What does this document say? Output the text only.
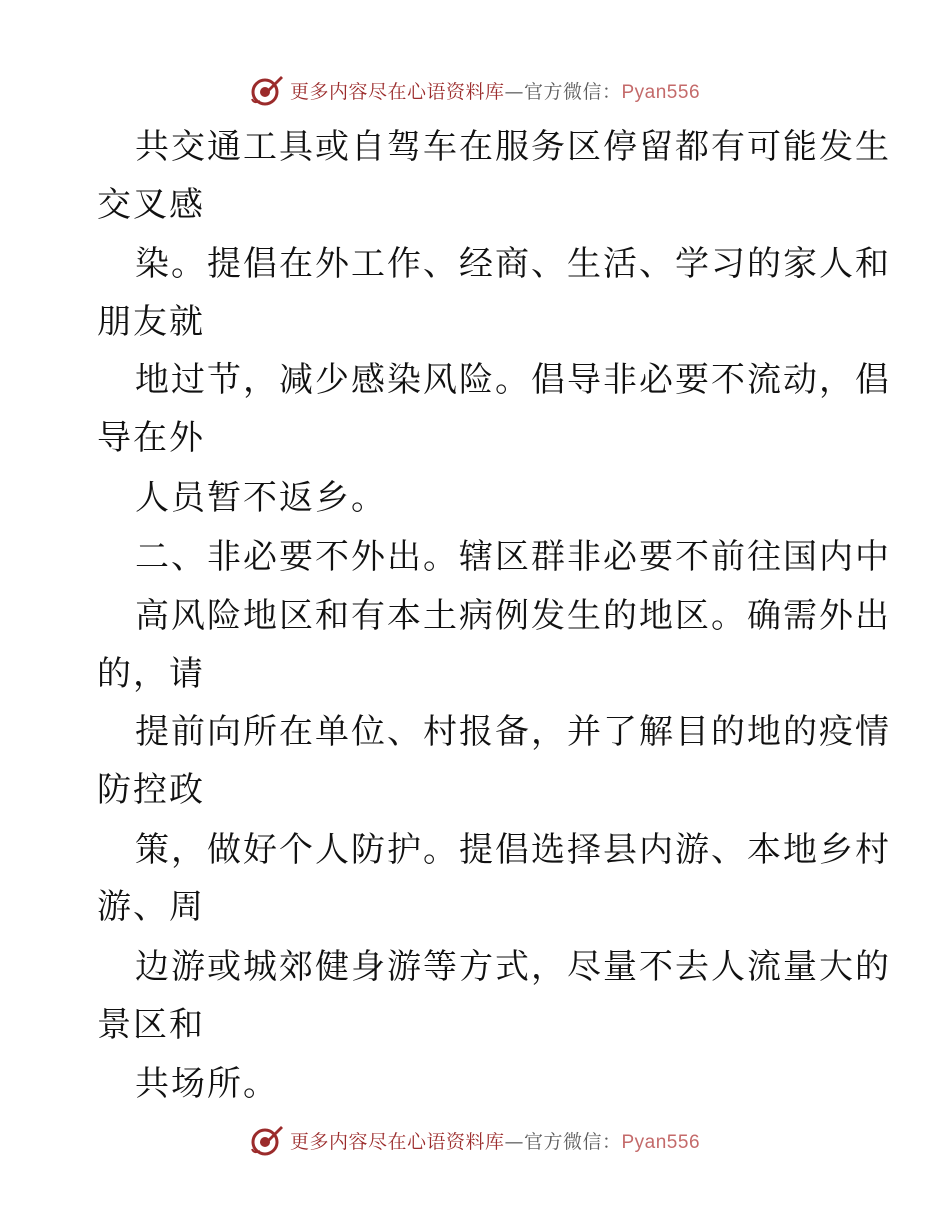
更多内容尽在心语资料库—官方微信：Pyan556
共交通工具或自驾车在服务区停留都有可能发生
交叉感
染。提倡在外工作、经商、生活、学习的家人和
朋友就
地过节，减少感染风险。倡导非必要不流动，倡
导在外
人员暂不返乡。
二、非必要不外出。辖区群非必要不前往国内中
高风险地区和有本土病例发生的地区。确需外出
的，请
提前向所在单位、村报备，并了解目的地的疫情
防控政
策，做好个人防护。提倡选择县内游、本地乡村
游、周
边游或城郊健身游等方式，尽量不去人流量大的
景区和
共场所。
更多内容尽在心语资料库—官方微信：Pyan556
